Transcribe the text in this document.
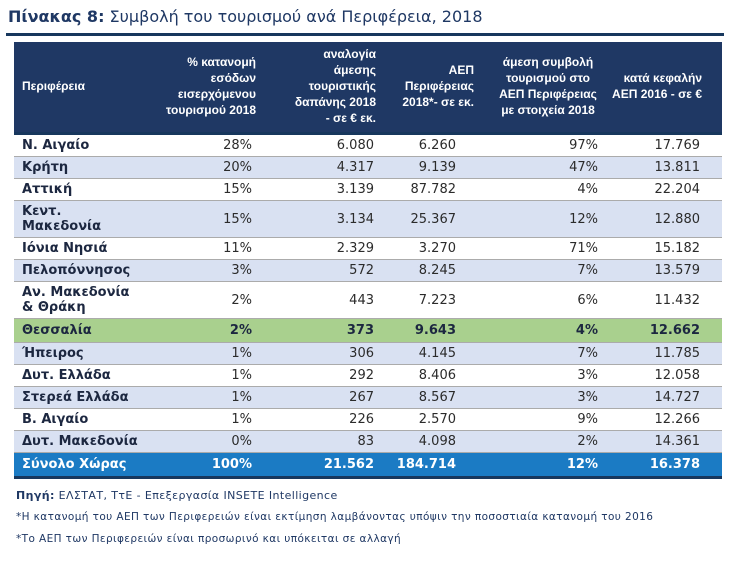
Πίνακας 8: Συμβολή του τουρισμού ανά Περιφέρεια, 2018
Περιφέρεια	% κατανομή εσόδων εισερχόμενου τουρισμού 2018	αναλογία άμεσης τουριστικής δαπάνης 2018 - σε € εκ.	ΑΕΠ Περιφέρειας 2018*- σε εκ.	άμεση συμβολή τουρισμού στο ΑΕΠ Περιφέρειας με στοιχεία 2018	κατά κεφαλήν ΑΕΠ 2016 - σε €
Ν. Αιγαίο	28%	6.080	6.260	97%	17.769
Κρήτη	20%	4.317	9.139	47%	13.811
Αττική	15%	3.139	87.782	4%	22.204
Κεντ. Μακεδονία	15%	3.134	25.367	12%	12.880
Ιόνια Νησιά	11%	2.329	3.270	71%	15.182
Πελοπόννησος	3%	572	8.245	7%	13.579
Αν. Μακεδονία & Θράκη	2%	443	7.223	6%	11.432
Θεσσαλία	2%	373	9.643	4%	12.662
Ήπειρος	1%	306	4.145	7%	11.785
Δυτ. Ελλάδα	1%	292	8.406	3%	12.058
Στερεά Ελλάδα	1%	267	8.567	3%	14.727
Β. Αιγαίο	1%	226	2.570	9%	12.266
Δυτ. Μακεδονία	0%	83	4.098	2%	14.361
Σύνολο Χώρας	100%	21.562	184.714	12%	16.378

Πηγή: ΕΛΣΤΑΤ, ΤτΕ - Επεξεργασία INSETE Intelligence

*Η κατανομή του ΑΕΠ των Περιφερειών είναι εκτίμηση λαμβάνοντας υπόψιν την ποσοστιαία κατανομή του 2016

*Το ΑΕΠ των Περιφερειών είναι προσωρινό και υπόκειται σε αλλαγή
